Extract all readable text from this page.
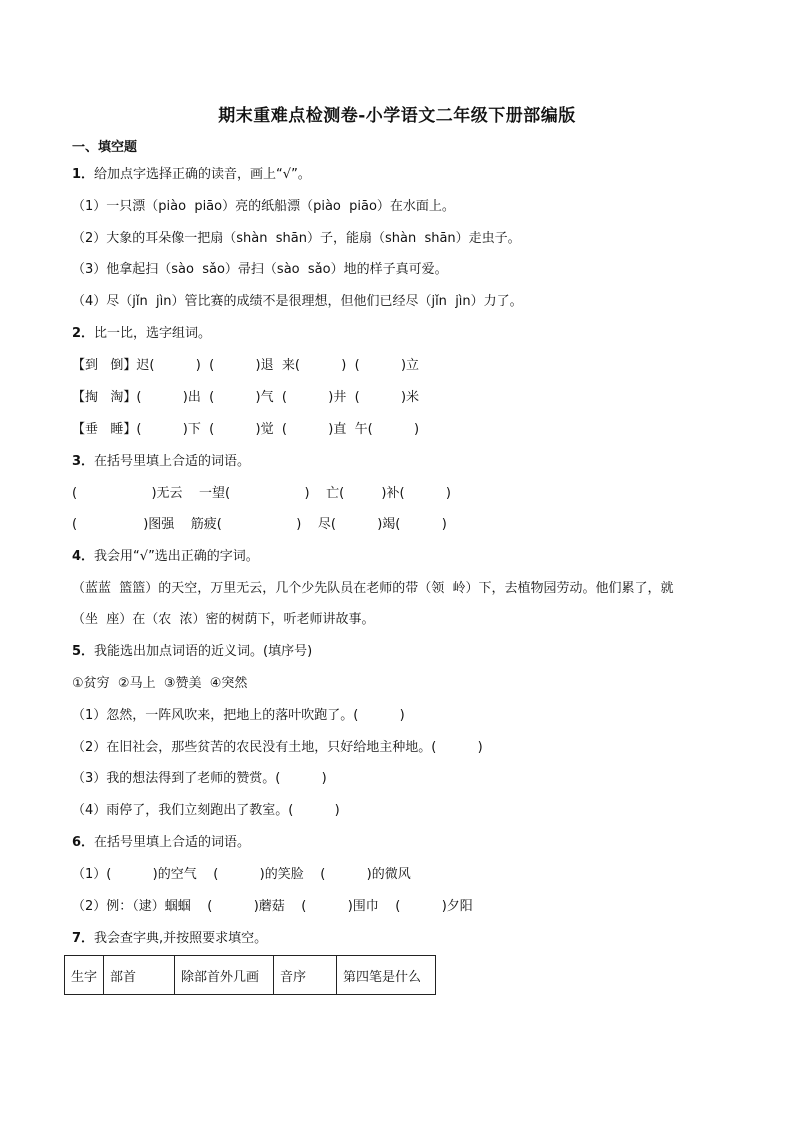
期末重难点检测卷-小学语文二年级下册部编版
一、填空题
1．给加点字选择正确的读音，画上“√”。
（1）一只漂（piào  piāo）亮的纸船漂（piào  piāo）在水面上。
（2）大象的耳朵像一把扇（shàn  shān）子，能扇（shàn  shān）走虫子。
（3）他拿起扫（sào  sǎo）帚扫（sào  sǎo）地的样子真可爱。
（4）尽（jǐn  jìn）管比赛的成绩不是很理想，但他们已经尽（jǐn  jìn）力了。
2．比一比，选字组词。
【到   倒】迟(          )  (          )退  来(          )  (          )立
【掏   淘】(          )出  (          )气  (          )井  (          )米
【垂   睡】(          )下  (          )觉  (          )直  午(          )
3．在括号里填上合适的词语。
(                  )无云    一望(                  )    亡(         )补(          )
(                )图强    筋疲(                  )    尽(          )竭(          )
4．我会用“√”选出正确的字词。
（蓝蓝  篮篮）的天空，万里无云，几个少先队员在老师的带（领  岭）下，去植物园劳动。他们累了，就
（坐  座）在（农  浓）密的树荫下，听老师讲故事。
5．我能选出加点词语的近义词。(填序号)
①贫穷  ②马上  ③赞美  ④突然
（1）忽然，一阵风吹来，把地上的落叶吹跑了。(          )
（2）在旧社会，那些贫苦的农民没有土地，只好给地主种地。(          )
（3）我的想法得到了老师的赞赏。(          )
（4）雨停了，我们立刻跑出了教室。(          )
6．在括号里填上合适的词语。
（1）(          )的空气    (          )的笑脸    (          )的微风
（2）例：（逮）蝈蝈    (          )蘑菇    (          )围巾    (          )夕阳
7．我会查字典,并按照要求填空。
生字	部首	除部首外几画	音序	第四笔是什么
